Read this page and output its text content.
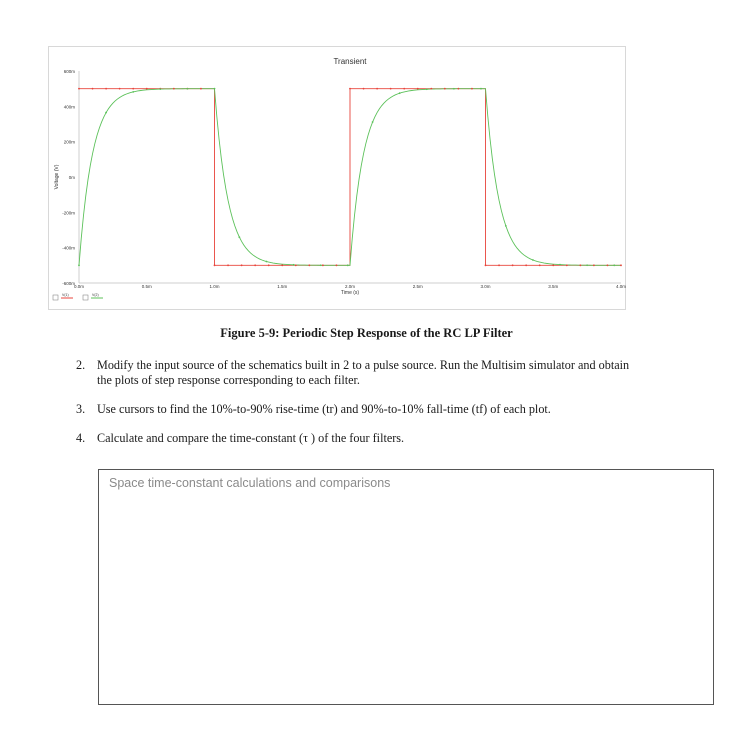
Transient
600m
400m
200m
0m
-200m
-400m
-600m
0.0m	0.5m	1.0m	1.5m	2.0m	2.5m	3.0m	3.5m	4.0m
Time (s)
Voltage (V)
V(1)	V(2)
Figure 5-9: Periodic Step Response of the RC LP Filter
2. Modify the input source of the schematics built in 2 to a pulse source. Run the Multisim simulator and obtain the plots of step response corresponding to each filter.
3. Use cursors to find the 10%-to-90% rise-time (tr) and 90%-to-10% fall-time (tf) of each plot.
4. Calculate and compare the time-constant (τ ) of the four filters.
Space time-constant calculations and comparisons
